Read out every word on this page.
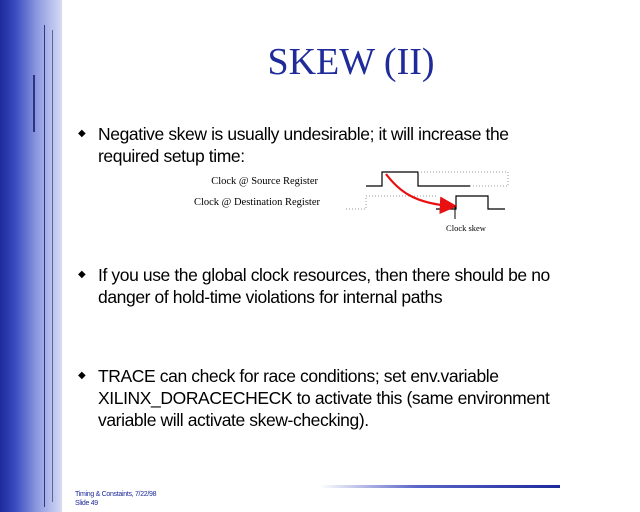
SKEW (II)
◆ Negative skew is usually undesirable; it will increase the required setup time:
Clock @ Source Register
Clock @ Destination Register
Clock skew
◆ If you use the global clock resources, then there should be no danger of hold-time violations for internal paths
◆ TRACE can check for race conditions; set env.variable XILINX_DORACECHECK to activate this (same environment variable will activate skew-checking).
Timing & Constaints, 7/22/98
Slide 49
